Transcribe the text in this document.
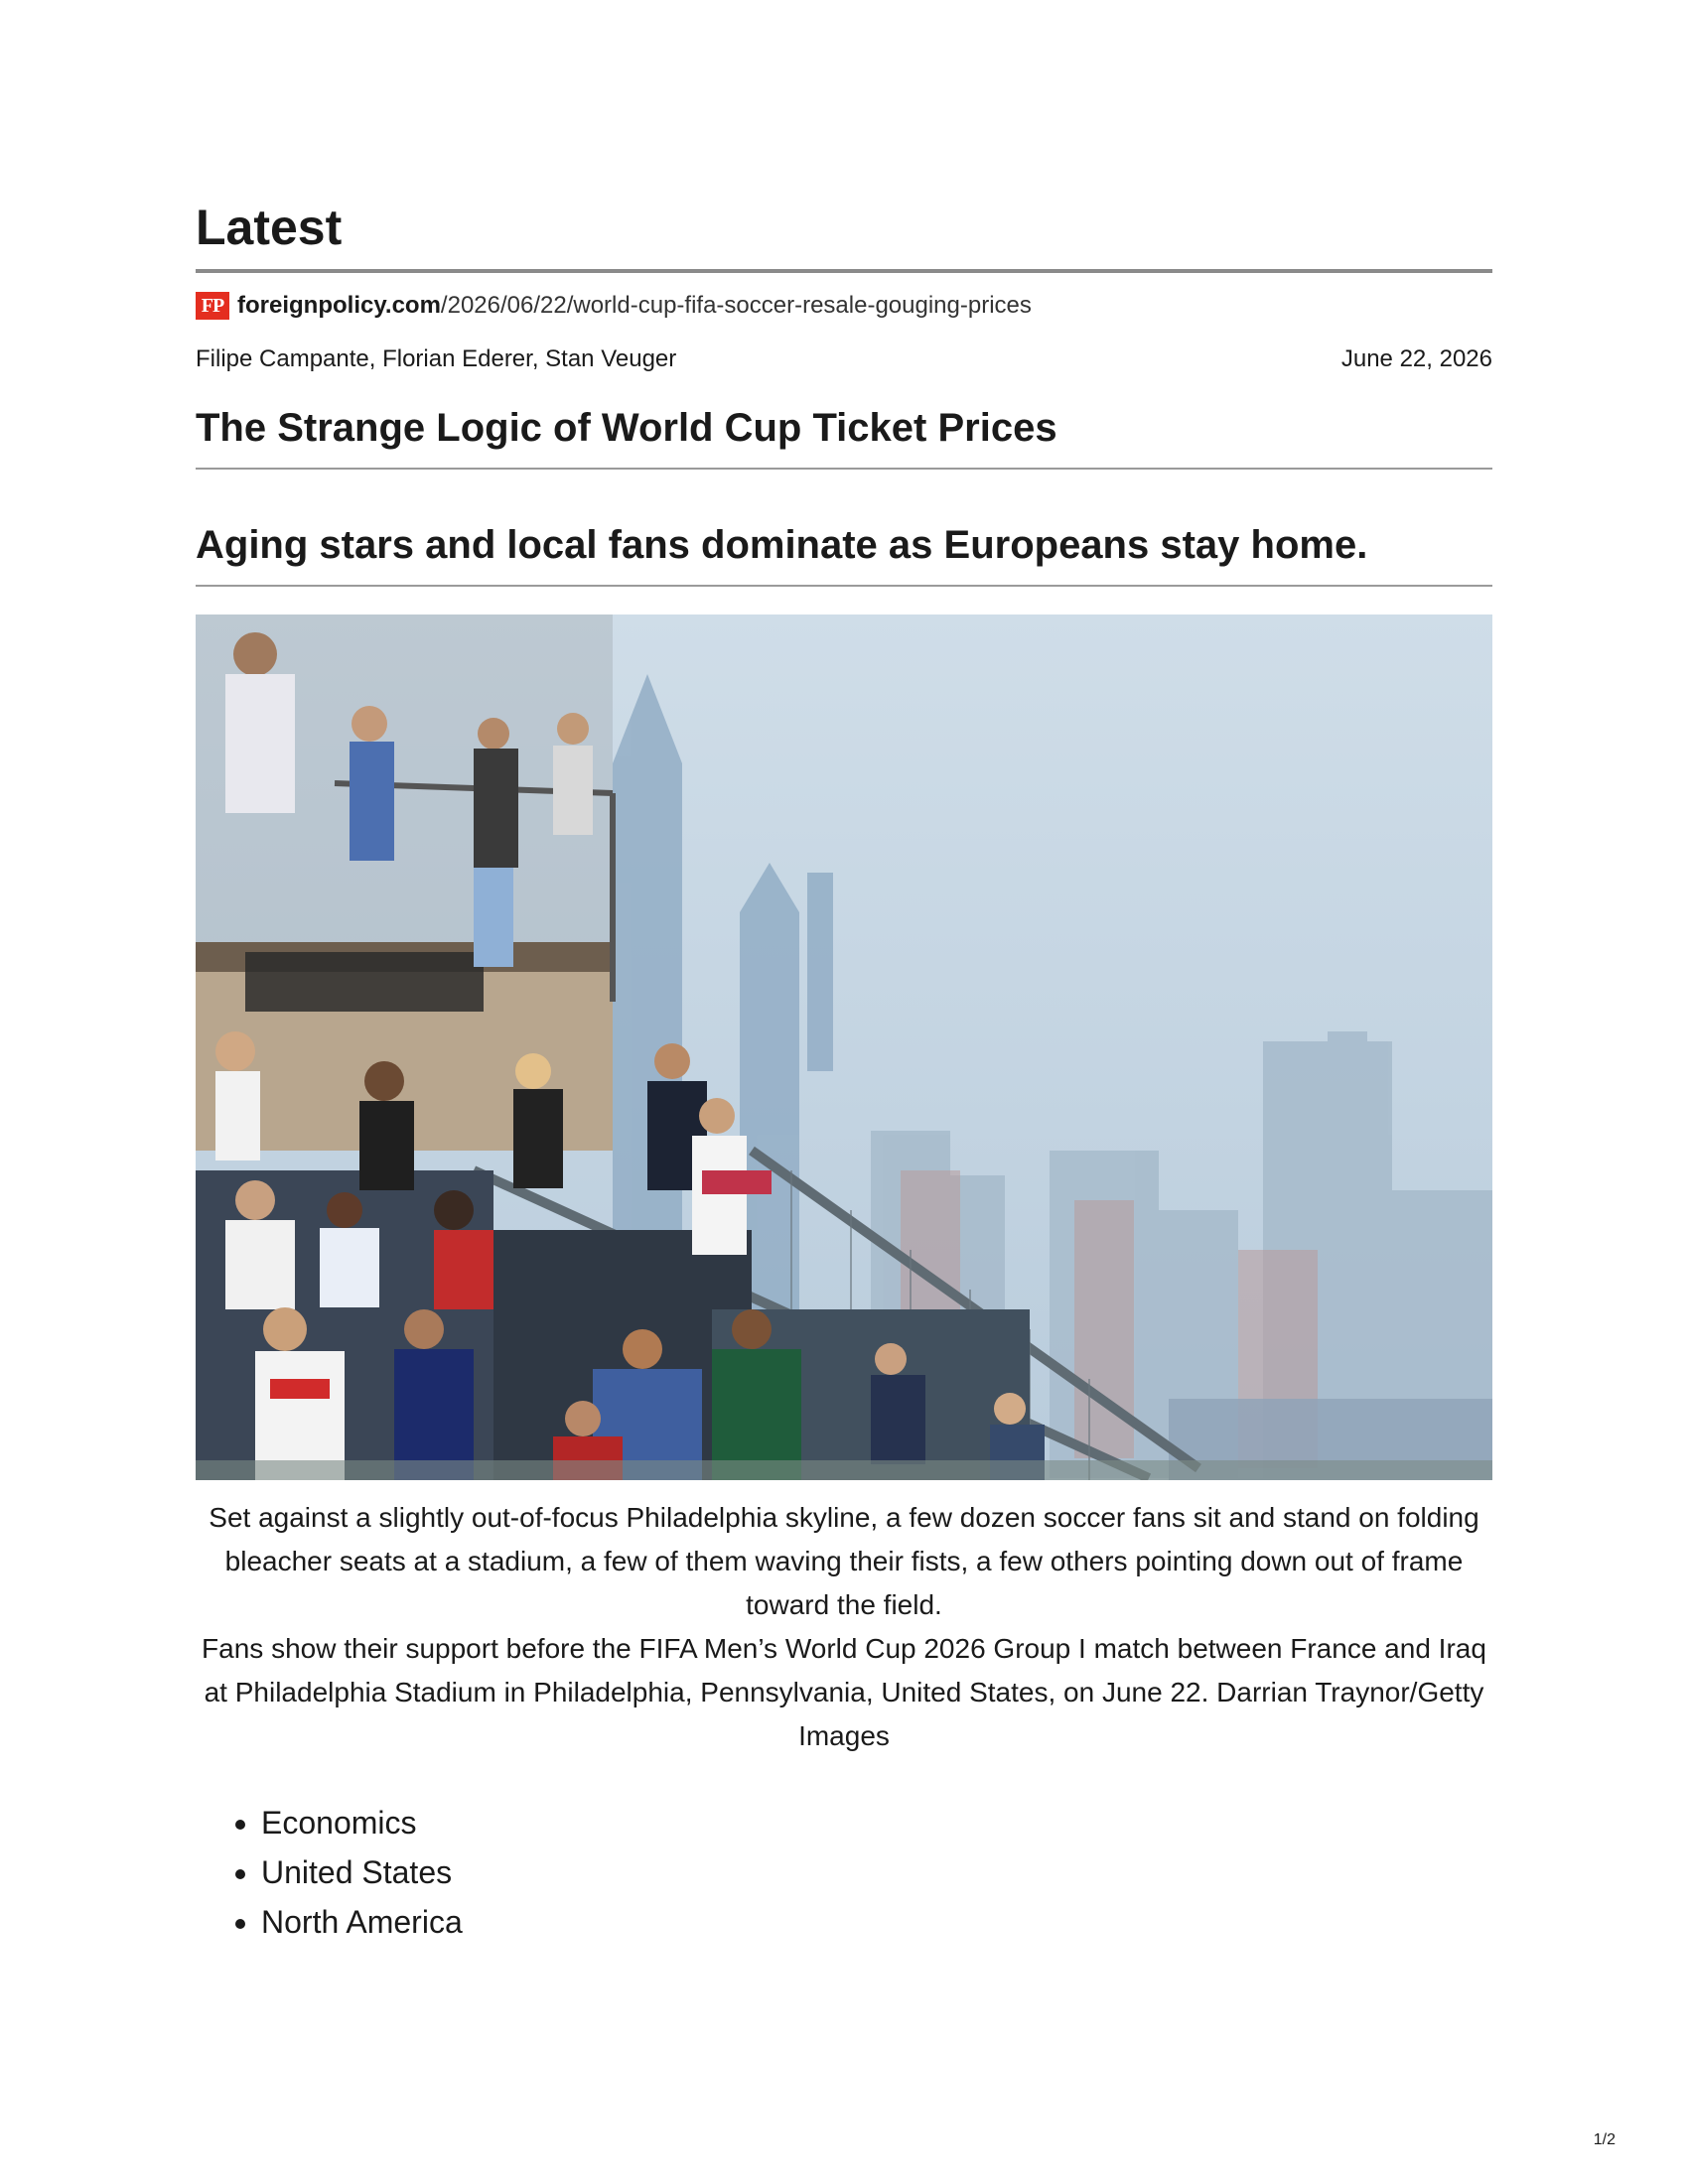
Latest
FP foreignpolicy.com /2026/06/22/world-cup-fifa-soccer-resale-gouging-prices
Filipe Campante, Florian Ederer, Stan Veuger	June 22, 2026
The Strange Logic of World Cup Ticket Prices
Aging stars and local fans dominate as Europeans stay home.
Set against a slightly out-of-focus Philadelphia skyline, a few dozen soccer fans sit and stand on folding bleacher seats at a stadium, a few of them waving their fists, a few others pointing down out of frame toward the field.
Fans show their support before the FIFA Men’s World Cup 2026 Group I match between France and Iraq at Philadelphia Stadium in Philadelphia, Pennsylvania, United States, on June 22. Darrian Traynor/Getty Images
• Economics
• United States
• North America
1/2
